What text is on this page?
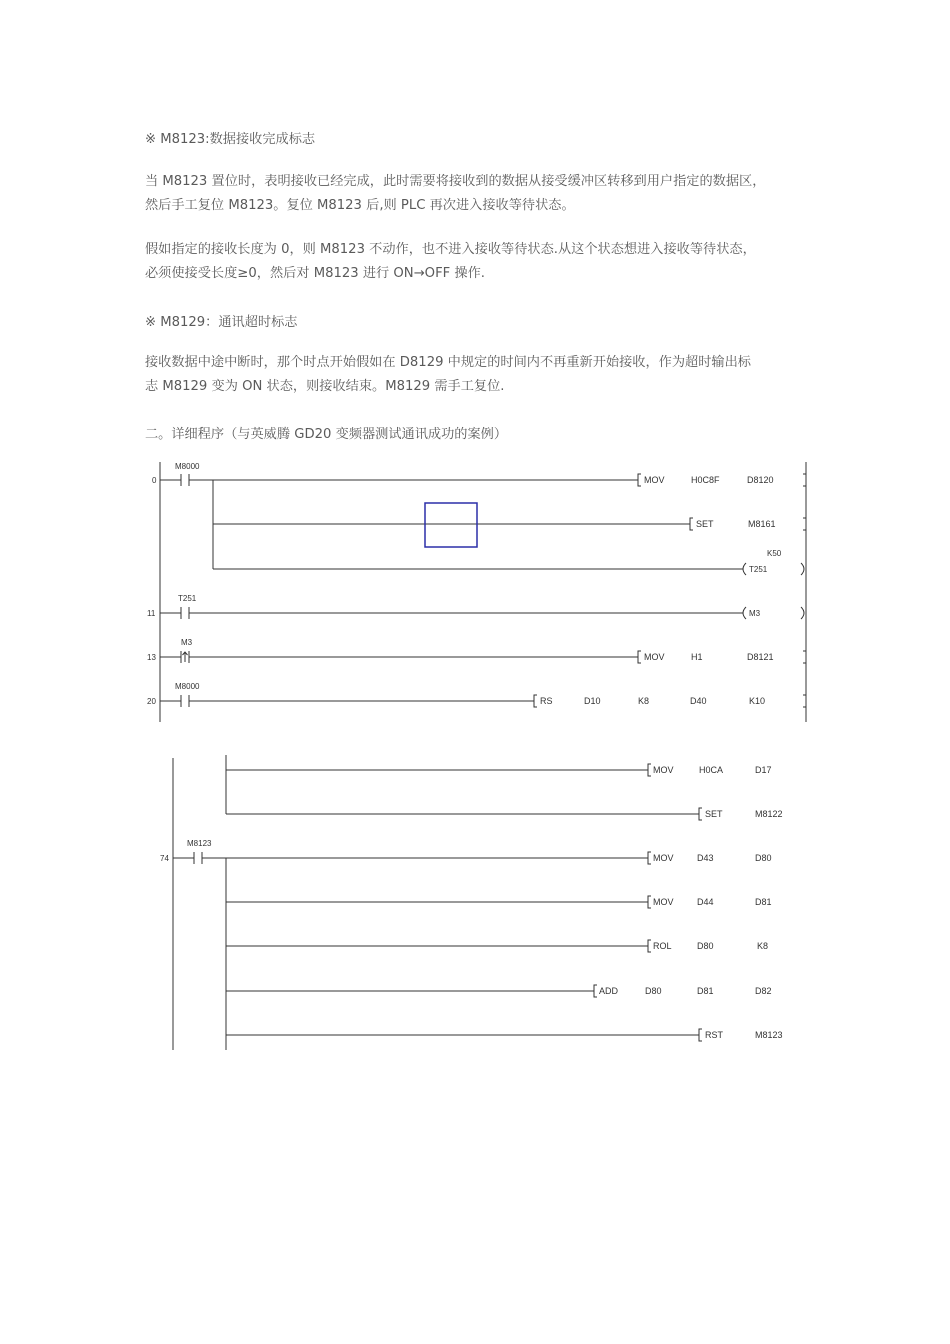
※ M8123:数据接收完成标志

当 M8123 置位时，表明接收已经完成，此时需要将接收到的数据从接受缓冲区转移到用户指定的数据区，

然后手工复位 M8123。复位 M8123 后,则 PLC 再次进入接收等待状态。

假如指定的接收长度为 0，则 M8123 不动作，也不进入接收等待状态.从这个状态想进入接收等待状态，

必须使接受长度≥0，然后对 M8123 进行 ON→OFF 操作.

※ M8129：通讯超时标志

接收数据中途中断时，那个时点开始假如在 D8129 中规定的时间内不再重新开始接收，作为超时输出标

志 M8129 变为 ON 状态，则接收结束。M8129 需手工复位.

二。详细程序（与英威腾 GD20 变频器测试通讯成功的案例）

0
11
13
20
M8000
T251
M3
M8000
MOV	H0C8F	D8120
SET	M8161
K50
T251
M3
MOV	H1	D8121
RS	D10	K8	D40	K10
74
M8123
MOV	H0CA	D17
SET	M8122
MOV	D43	D80
MOV	D44	D81
ROL	D80	K8
ADD	D80	D81	D82
RST	M8123
